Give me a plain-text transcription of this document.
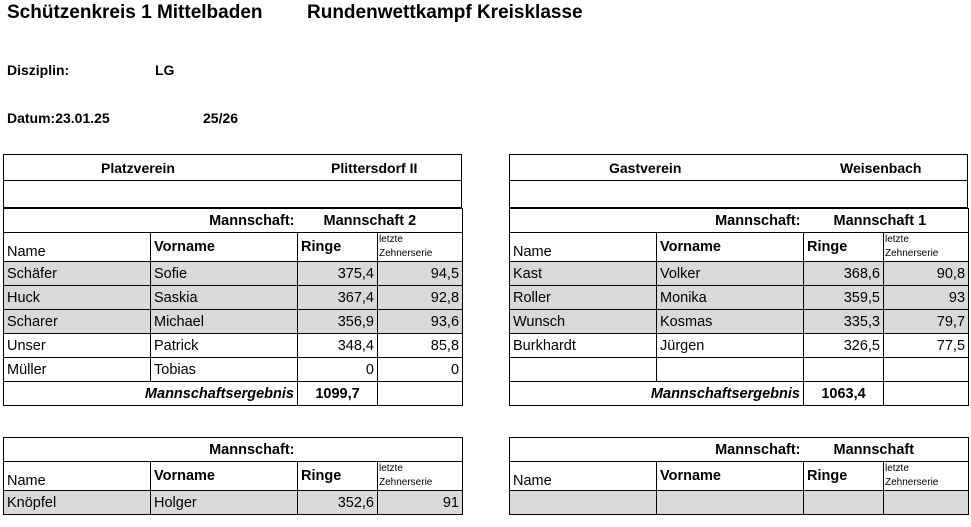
Schützenkreis 1 Mittelbaden Rundenwettkampf Kreisklasse
Disziplin:	LG
Datum:23.01.25	25/26
Platzverein	Plittersdorf II
Mannschaft:		Mannschaft 2	
Name	Vorname	Ringe	letzte
Zehnerserie

Schäfer	Sofie	375,4	94,5
Huck	Saskia	367,4	92,8
Scharer	Michael	356,9	93,6
Unser	Patrick	348,4	85,8
Müller	Tobias	0	0
Mannschaftsergebnis		1099,7	
Gastverein	Weisenbach
Mannschaft:		Mannschaft 1	
Name	Vorname	Ringe	letzte
Zehnerserie

Kast	Volker	368,6	90,8
Roller	Monika	359,5	93
Wunsch	Kosmas	335,3	79,7
Burkhardt	Jürgen	326,5	77,5

Mannschaftsergebnis		1063,4	
Mannschaft:			
Name	Vorname	Ringe	letzte
Zehnerserie

Knöpfel	Holger	352,6	91
Mannschaft:		Mannschaft	
Name	Vorname	Ringe	letzte
Zehnerserie
